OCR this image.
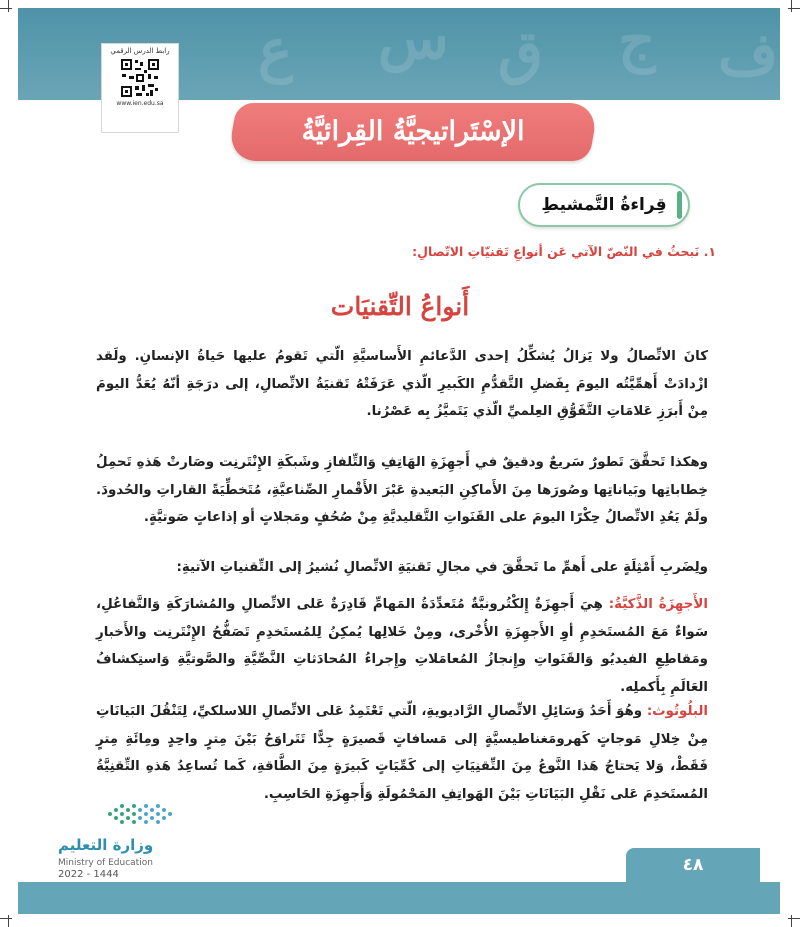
ع س ق ج ف
رابط الدرس الرقمي
www.ien.edu.sa
الإسْتَراتيجيَّةُ القِرائيَّةُ
قِراءةُ التَّمشيطِ
١. نَبحثُ في النّصّ الآتي عَن أنواعِ تَقنيّاتِ الاتّصالِ:
أَنواعُ التِّقنيَات
كانَ الاتِّصالُ ولا يَزالُ يُشكِّلُ إحدى الدَّعائمِ الأَساسيَّةِ الّتي تَقومُ عليها حَياةُ الإنسانِ. ولَقد ازْدادَتْ أَهمِّيَّتُه اليومَ بِفَضلِ التَّقدُّمِ الكَبيرِ الّذي عَرَفَتْهُ تَقنيَةُ الاتِّصالِ، إلى درَجَةِ أنّهُ يُعَدُّ اليومَ مِنْ أَبرَزِ عَلامَاتِ التَّفَوُّقِ العِلميِّ الّذي يَتَميَّزُ بِه عَصْرُنا.
وهكذا تَحقَّقَ تَطورٌ سَريعٌ ودقيقٌ في أَجهِزَةِ الهَاتِفِ وَالتِّلفازِ وشَبكَةِ الإِنْتَرنِت وصَارتْ هَذهِ تَحمِلُ خِطاباتِها وبَياناتِها وصُورَها مِنَ الأَماكِنِ البَعيدةِ عَبْرَ الأَقْمارِ الصِّناعيَّةِ، مُتَخطِّيَةً القاراتِ والحُدودَ. ولَمْ يَعُدِ الاتِّصالُ حِكْرًا اليومَ على القَنَواتِ التَّقليديَّةِ مِنْ صُحُفٍ ومَجلاتٍ أو إذاعاتٍ صَوتيَّةٍ.
ولِضَربِ أَمْثِلَةٍ على أَهمِّ ما تَحقَّقَ في مجالِ تَقنيَةِ الاتِّصالِ نُشيرُ إلى التِّقنياتِ الآتيةِ:
الأَجهِزَةُ الذَّكيَّةُ: هِيَ أَجهِزَةٌ إِلكْتُرونيَّةٌ مُتَعدِّدَةُ المَهامِّ قَادِرَةٌ عَلى الاتِّصالِ والمُشارَكَةِ وَالتَّفاعُلِ، سَواءٌ مَعَ المُستَخدِمِ أوِ الأَجهِزَةِ الأُخْرى، ومِنْ خَلالِها يُمكِنُ لِلمُستَخدِمِ تَصَفُّحُ الإِنْتَرنِت والأَخبارِ ومَقاطِعِ الفيديُو وَالقَنَواتِ وإِنجازُ المُعامَلاتِ وإِجراءُ المُحادَثاتِ النَّصِّيَّةِ والصَّوتيَّةِ وَاستِكشافُ العَالَمِ بِأَكملِه.
البلُوتُوث: وهُوَ أَحَدُ وَسَائِلِ الاتِّصالِ الرَّاديويةِ، الّتي تَعْتَمِدُ عَلى الاتِّصالِ اللاسلكيِّ، لِتَنْقُلَ البَيانَاتِ مِنْ خِلالِ مَوجاتٍ كَهرومَغناطيسيَّةٍ إلى مَسافاتٍ قَصيرَةٍ جِدًّا تَتَراوَحُ بَيْنَ مِترٍ واحِدٍ ومِائَةِ مِترٍ فَقَطْ، وَلا يَحتاجُ هَذا النَّوعُ مِنَ التِّقنِيَاتِ إلى كَمِّيَاتٍ كَبيرَةٍ مِنَ الطَّاقةِ، كَما تُساعِدُ هَذهِ التِّقنِيَّةُ المُستَخدِمَ عَلى نَقْلِ البَيَانَاتِ بَيْنَ الهَواتِفِ المَحْمُولَةِ وَأَجهِزَةِ الحَاسِبِ.
وزارة التعليم
Ministry of Education
2022 - 1444	٤٨
